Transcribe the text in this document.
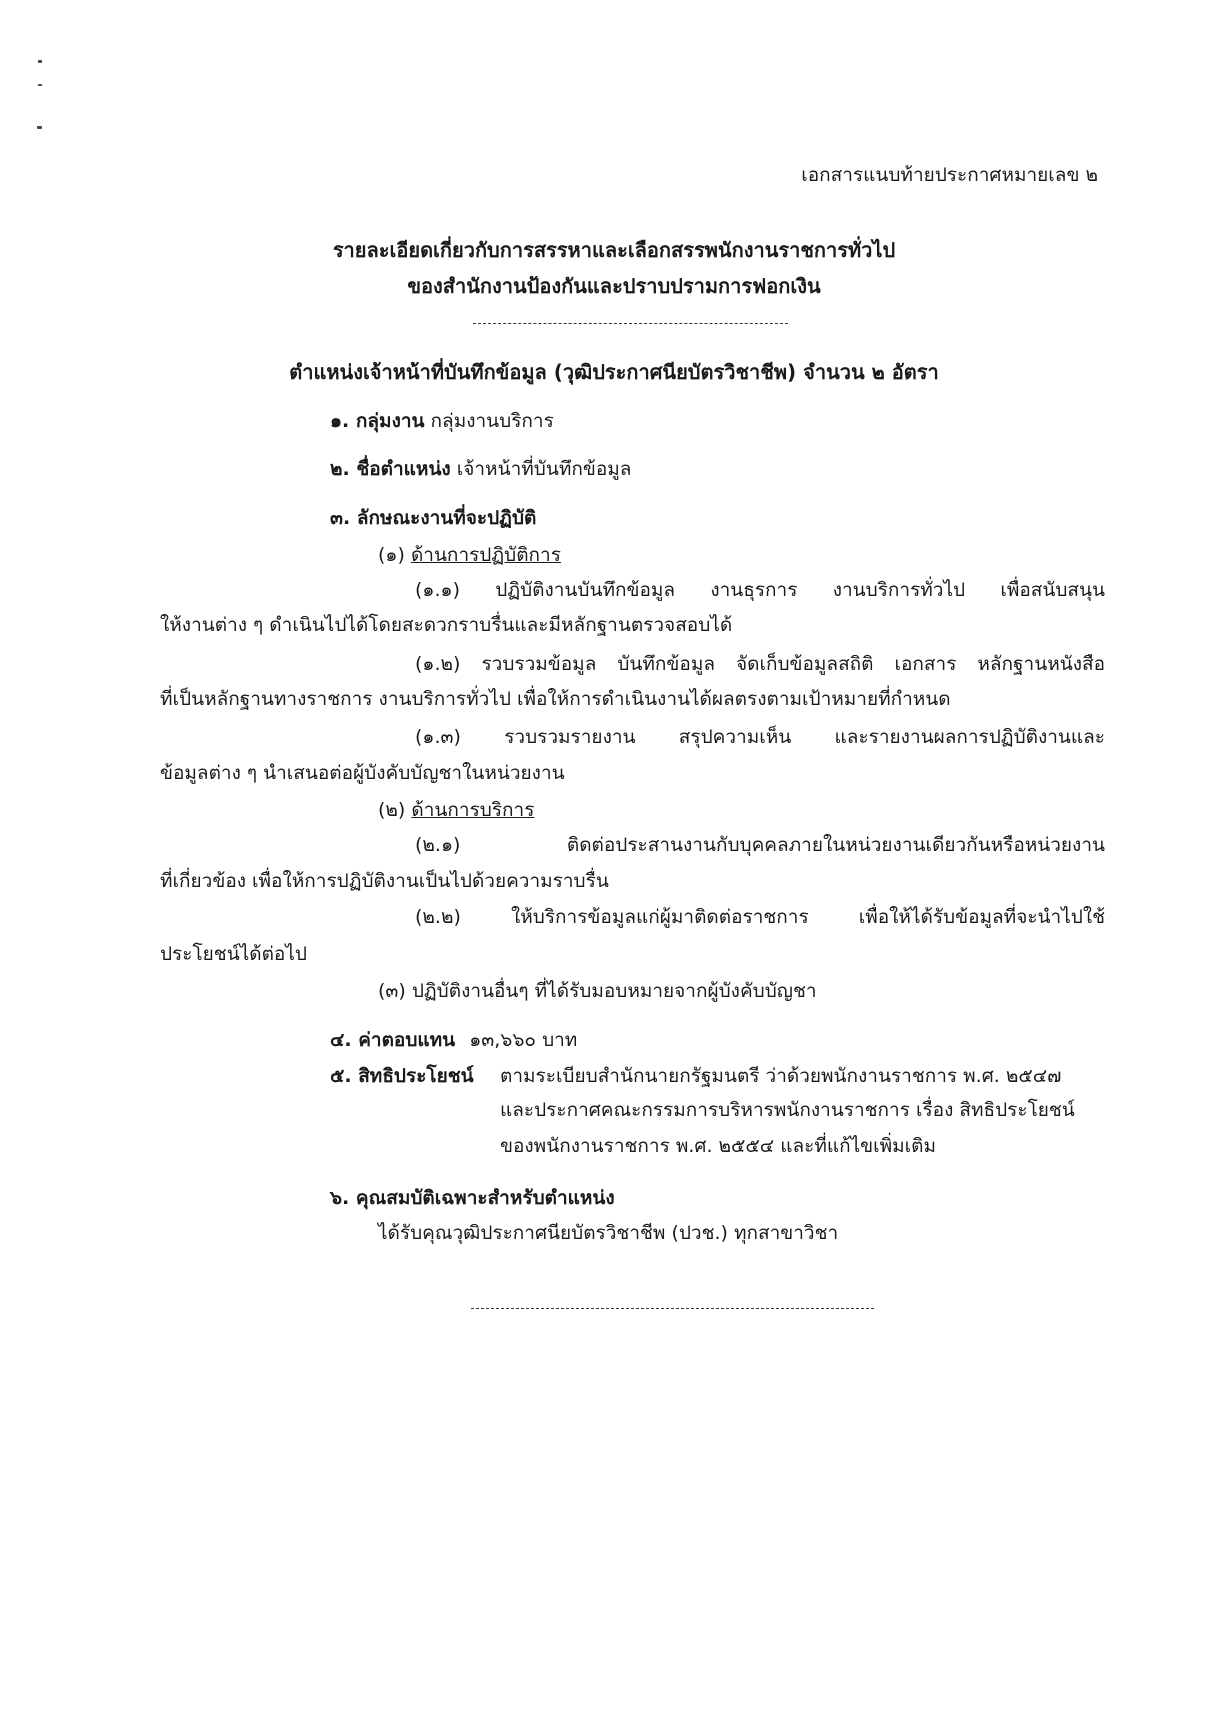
เอกสารแนบท้ายประกาศหมายเลข ๒
รายละเอียดเกี่ยวกับการสรรหาและเลือกสรรพนักงานราชการทั่วไป
ของสำนักงานป้องกันและปราบปรามการฟอกเงิน
ตำแหน่งเจ้าหน้าที่บันทึกข้อมูล (วุฒิประกาศนียบัตรวิชาชีพ) จำนวน ๒ อัตรา
๑. กลุ่มงาน กลุ่มงานบริการ
๒. ชื่อตำแหน่ง เจ้าหน้าที่บันทึกข้อมูล
๓. ลักษณะงานที่จะปฏิบัติ
(๑) ด้านการปฏิบัติการ
(๑.๑) ปฏิบัติงานบันทึกข้อมูล งานธุรการ งานบริการทั่วไป เพื่อสนับสนุน
ให้งานต่าง ๆ ดำเนินไปได้โดยสะดวกราบรื่นและมีหลักฐานตรวจสอบได้
(๑.๒) รวบรวมข้อมูล บันทึกข้อมูล จัดเก็บข้อมูลสถิติ เอกสาร หลักฐานหนังสือ
ที่เป็นหลักฐานทางราชการ งานบริการทั่วไป เพื่อให้การดำเนินงานได้ผลตรงตามเป้าหมายที่กำหนด
(๑.๓) รวบรวมรายงาน สรุปความเห็น และรายงานผลการปฏิบัติงานและ
ข้อมูลต่าง ๆ นำเสนอต่อผู้บังคับบัญชาในหน่วยงาน
(๒) ด้านการบริการ
(๒.๑) ติดต่อประสานงานกับบุคคลภายในหน่วยงานเดียวกันหรือหน่วยงาน
ที่เกี่ยวข้อง เพื่อให้การปฏิบัติงานเป็นไปด้วยความราบรื่น
(๒.๒) ให้บริการข้อมูลแก่ผู้มาติดต่อราชการ เพื่อให้ได้รับข้อมูลที่จะนำไปใช้
ประโยชน์ได้ต่อไป
(๓) ปฏิบัติงานอื่นๆ ที่ได้รับมอบหมายจากผู้บังคับบัญชา
๔. ค่าตอบแทน ๑๓,๖๖๐ บาท
๕. สิทธิประโยชน์ ตามระเบียบสำนักนายกรัฐมนตรี ว่าด้วยพนักงานราชการ พ.ศ. ๒๕๔๗
และประกาศคณะกรรมการบริหารพนักงานราชการ เรื่อง สิทธิประโยชน์
ของพนักงานราชการ พ.ศ. ๒๕๕๔ และที่แก้ไขเพิ่มเติม
๖. คุณสมบัติเฉพาะสำหรับตำแหน่ง
ได้รับคุณวุฒิประกาศนียบัตรวิชาชีพ (ปวช.) ทุกสาขาวิชา
